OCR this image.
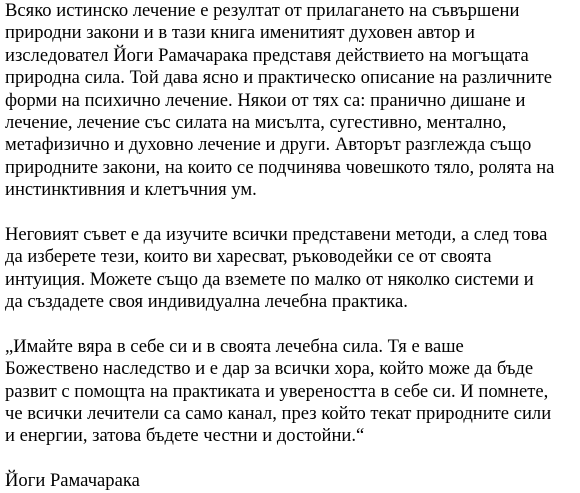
Всяко истинско лечение е резултат от прилагането на съвършени
природни закони и в тази книга именитият духовен автор и
изследовател Йоги Рамачарака представя действието на могъщата
природна сила. Той дава ясно и практическо описание на различните
форми на психично лечение. Някои от тях са: пранично дишане и
лечение, лечение със силата на мисълта, сугестивно, ментално,
метафизично и духовно лечение и други. Авторът разглежда също
природните закони, на които се подчинява човешкото тяло, ролята на
инстинктивния и клетъчния ум.
Неговият съвет е да изучите всички представени методи, а след това
да изберете тези, които ви харесват, ръководейки се от своята
интуиция. Можете също да вземете по малко от няколко системи и
да създадете своя индивидуална лечебна практика.
„Имайте вяра в себе си и в своята лечебна сила. Тя е ваше
Божествено наследство и е дар за всички хора, който може да бъде
развит с помощта на практиката и увереността в себе си. И помнете,
че всички лечители са само канал, през който текат природните сили
и енергии, затова бъдете честни и достойни.“
Йоги Рамачарака
